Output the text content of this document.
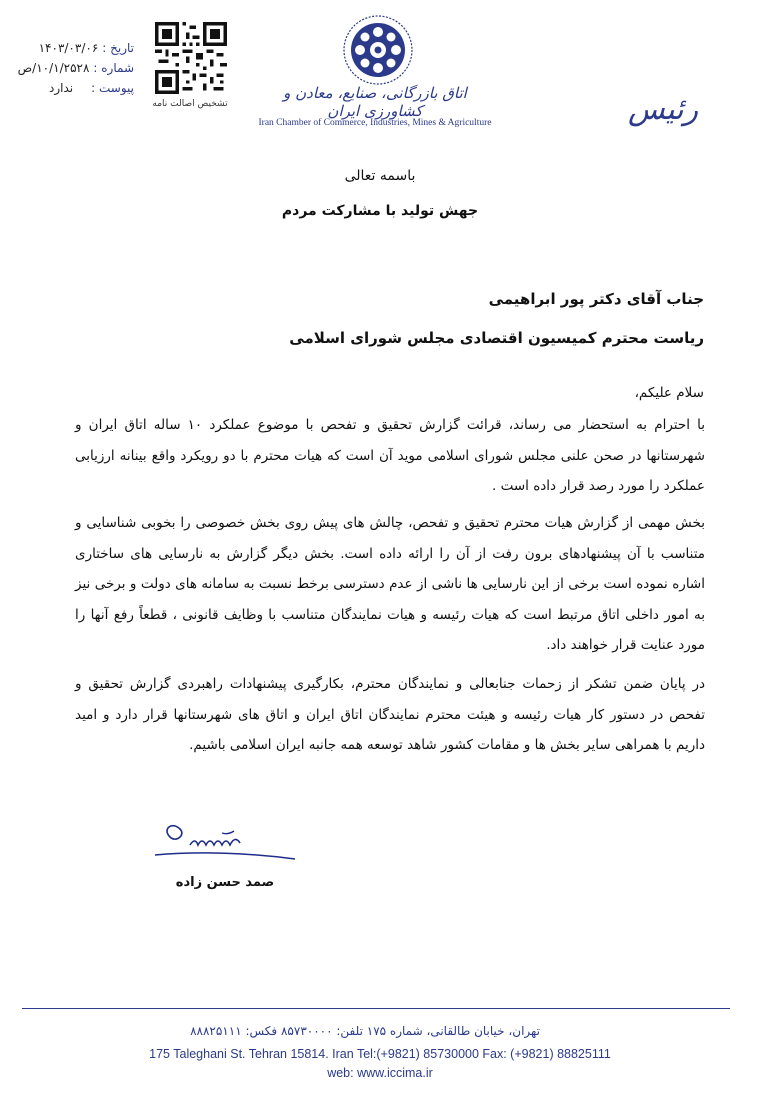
تاریخ :
۱۴۰۳/۰۳/۰۶
شماره :
۱۰/۱/۲۵۲۸/ص
پیوست :
ندارد
تشخیص اصالت نامه
اتاق بازرگانی، صنایع، معادن و کشاورزی ایران
Iran Chamber of Commerce, Industries, Mines & Agriculture	رئیس
باسمه تعالی
جهش تولید با مشارکت مردم
جناب آقای دکتر پور ابراهیمی
ریاست محترم کمیسیون اقتصادی مجلس شورای اسلامی
سلام علیکم،
با احترام به استحضار می رساند، قرائت گزارش تحقیق و تفحص با موضوع عملکرد ۱۰ ساله اتاق ایران و شهرستانها در صحن علنی مجلس شورای اسلامی موید آن است که هیات محترم با دو رویکرد واقع بینانه ارزیابی عملکرد را مورد رصد قرار داده است .
بخش مهمی از گزارش هیات محترم تحقیق و تفحص، چالش های پیش روی بخش خصوصی را بخوبی شناسایی و متناسب با آن پیشنهادهای برون رفت از آن را ارائه داده است. بخش دیگر گزارش به نارسایی های ساختاری اشاره نموده است برخی از این نارسایی ها ناشی از عدم دسترسی برخط نسبت به سامانه های دولت و برخی نیز به امور داخلی اتاق مرتبط است که هیات رئیسه و هیات نمایندگان متناسب با وظایف قانونی ، قطعاً رفع آنها را مورد عنایت قرار خواهند داد.
در پایان ضمن تشکر از زحمات جنابعالی و نمایندگان محترم، بکارگیری پیشنهادات راهبردی گزارش تحقیق و تفحص در دستور کار هیات رئیسه و هیئت محترم نمایندگان اتاق ایران و اتاق های شهرستانها قرار دارد و امید داریم با همراهی سایر بخش ها و مقامات کشور شاهد توسعه همه جانبه ایران اسلامی باشیم.
صمد حسن زاده
تهران، خیابان طالقانی، شماره ۱۷۵ تلفن: ۸۵۷۳۰۰۰۰ فکس: ۸۸۸۲۵۱۱۱
175 Taleghani St. Tehran 15814. Iran Tel:(+9821) 85730000 Fax: (+9821) 88825111
web: www.iccima.ir
